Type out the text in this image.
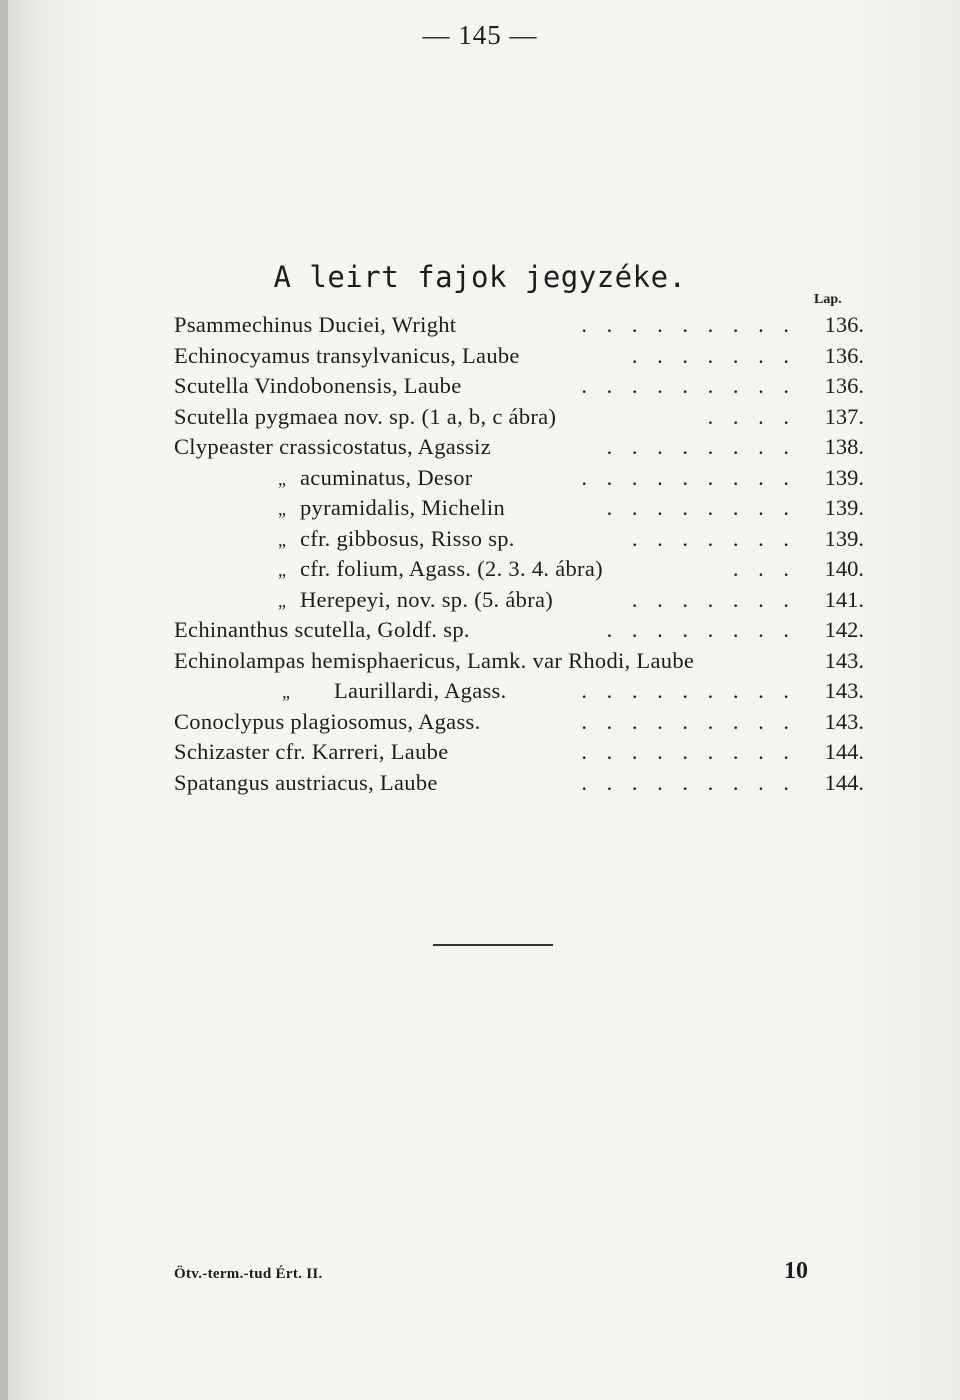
— 145 —
A leirt fajok jegyzéke.
Lap.
Psammechinus Duciei, Wright	. . . . . . . . .	136.
Echinocyamus transylvanicus, Laube	. . . . . . .	136.
Scutella Vindobonensis, Laube	. . . . . . . . .	136.
Scutella pygmaea nov. sp. (1 a, b, c ábra)	. . . .	137.
Clypeaster crassicostatus, Agassiz	. . . . . . . .	138.
„ acuminatus, Desor	. . . . . . . . .	139.
„ pyramidalis, Michelin	. . . . . . . .	139.
„ cfr. gibbosus, Risso sp.	. . . . . . .	139.
„ cfr. folium, Agass. (2. 3. 4. ábra)	. . .	140.
„ Herepeyi, nov. sp. (5. ábra)	. . . . . . .	141.
Echinanthus scutella, Goldf. sp.	. . . . . . . .	142.
Echinolampas hemisphaericus, Lamk. var Rhodi, Laube	143.
„ Laurillardi, Agass.	. . . . . . . . .	143.
Conoclypus plagiosomus, Agass.	. . . . . . . . .	143.
Schizaster cfr. Karreri, Laube	. . . . . . . . .	144.
Spatangus austriacus, Laube	. . . . . . . . .	144.
Ötv.-term.-tud Ért. II.	10
